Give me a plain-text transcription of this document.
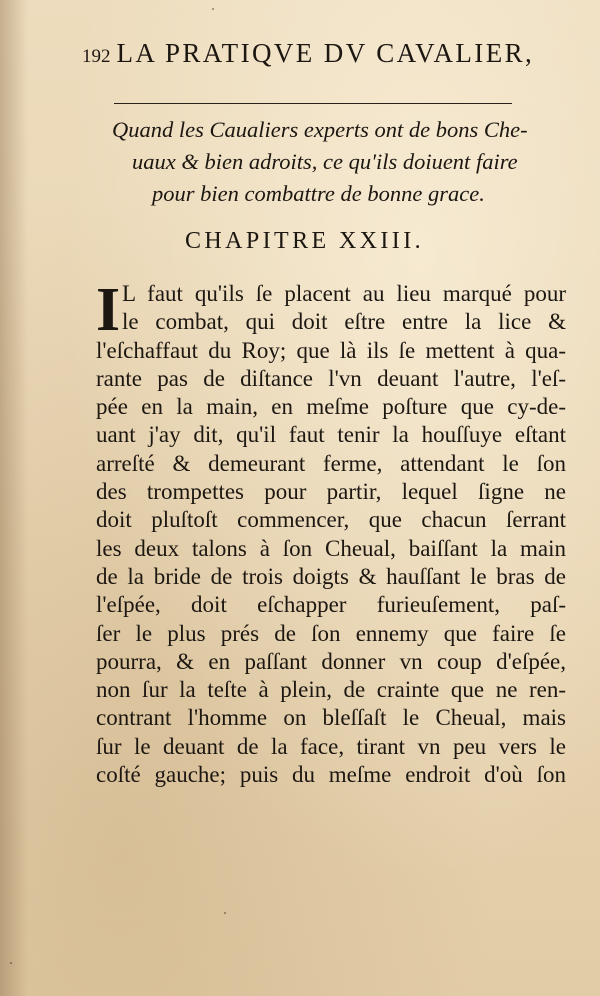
192 LA PRATIQVE DV CAVALIER,
Quand les Caualiers experts ont de bons Che-
uaux & bien adroits, ce qu'ils doiuent faire
pour bien combattre de bonne grace.
CHAPITRE XXIII.
I L faut qu'ils ſe placent au lieu marqué pour
le combat, qui doit eſtre entre la lice &
l'eſchaffaut du Roy; que là ils ſe mettent à qua-
rante pas de diſtance l'vn deuant l'autre, l'eſ-
pée en la main, en meſme poſture que cy-de-
uant j'ay dit, qu'il faut tenir la houſſuye eſtant
arreſté & demeurant ferme, attendant le ſon
des trompettes pour partir, lequel ſigne ne
doit pluſtoſt commencer, que chacun ſerrant
les deux talons à ſon Cheual, baiſſant la main
de la bride de trois doigts & hauſſant le bras de
l'eſpée, doit eſchapper furieuſement, paſ-
ſer le plus prés de ſon ennemy que faire ſe
pourra, & en paſſant donner vn coup d'eſpée,
non ſur la teſte à plein, de crainte que ne ren-
contrant l'homme on bleſſaſt le Cheual, mais
ſur le deuant de la face, tirant vn peu vers le
coſté gauche; puis du meſme endroit d'où ſon
